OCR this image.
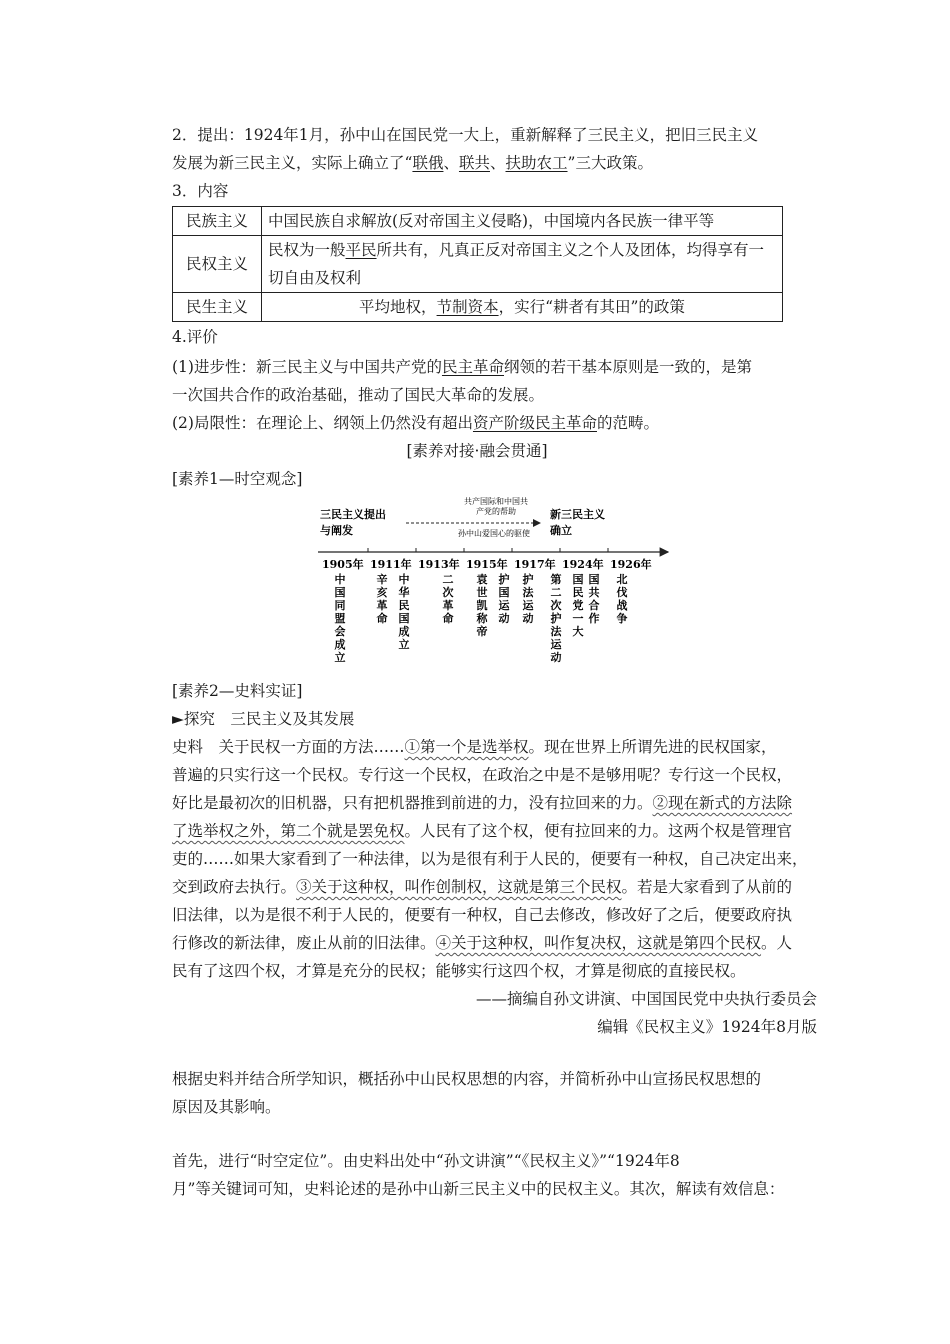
2．提出：1924年1月，孙中山在国民党一大上，重新解释了三民主义，把旧三民主义

发展为新三民主义，实际上确立了“联俄、联共、扶助农工”三大政策。

3．内容

民族主义	中国民族自求解放(反对帝国主义侵略)，中国境内各民族一律平等
民权主义	民权为一般平民所共有，凡真正反对帝国主义之个人及团体，均得享有一切自由及权利
民生主义	平均地权，节制资本，实行“耕者有其田”的政策

4.评价

(1)进步性：新三民主义与中国共产党的民主革命纲领的若干基本原则是一致的，是第

一次国共合作的政治基础，推动了国民大革命的发展。

(2)局限性：在理论上、纲领上仍然没有超出资产阶级民主革命的范畴。

[素养对接·融会贯通]

[素养1—时空观念]

三民主义提出
与阐发
共产国际和中国共
产党的帮助
孙中山爱国心的驱使
新三民主义
确立
1905年 1911年 1913年 1915年 1917年 1924年 1926年
中国同盟会成立
辛亥革命
中华民国成立
二次革命
袁世凯称帝
护国运动
护法运动
第二次护法运动
国民党一大
国共合作
北伐战争

[素养2—史料实证]

►探究　三民主义及其发展

史料　关于民权一方面的方法……①第一个是选举权。现在世界上所谓先进的民权国家，

普遍的只实行这一个民权。专行这一个民权，在政治之中是不是够用呢？专行这一个民权，

好比是最初次的旧机器，只有把机器推到前进的力，没有拉回来的力。②现在新式的方法除

了选举权之外，第二个就是罢免权。人民有了这个权，便有拉回来的力。这两个权是管理官

吏的……如果大家看到了一种法律，以为是很有利于人民的，便要有一种权，自己决定出来，

交到政府去执行。③关于这种权，叫作创制权，这就是第三个民权。若是大家看到了从前的

旧法律，以为是很不利于人民的，便要有一种权，自己去修改，修改好了之后，便要政府执

行修改的新法律，废止从前的旧法律。④关于这种权，叫作复决权，这就是第四个民权。人

民有了这四个权，才算是充分的民权；能够实行这四个权，才算是彻底的直接民权。

——摘编自孙文讲演、中国国民党中央执行委员会

编辑《民权主义》1924年8月版

根据史料并结合所学知识，概括孙中山民权思想的内容，并简析孙中山宣扬民权思想的

原因及其影响。

首先，进行“时空定位”。由史料出处中“孙文讲演”“《民权主义》”“1924年8

月”等关键词可知，史料论述的是孙中山新三民主义中的民权主义。其次，解读有效信息：
